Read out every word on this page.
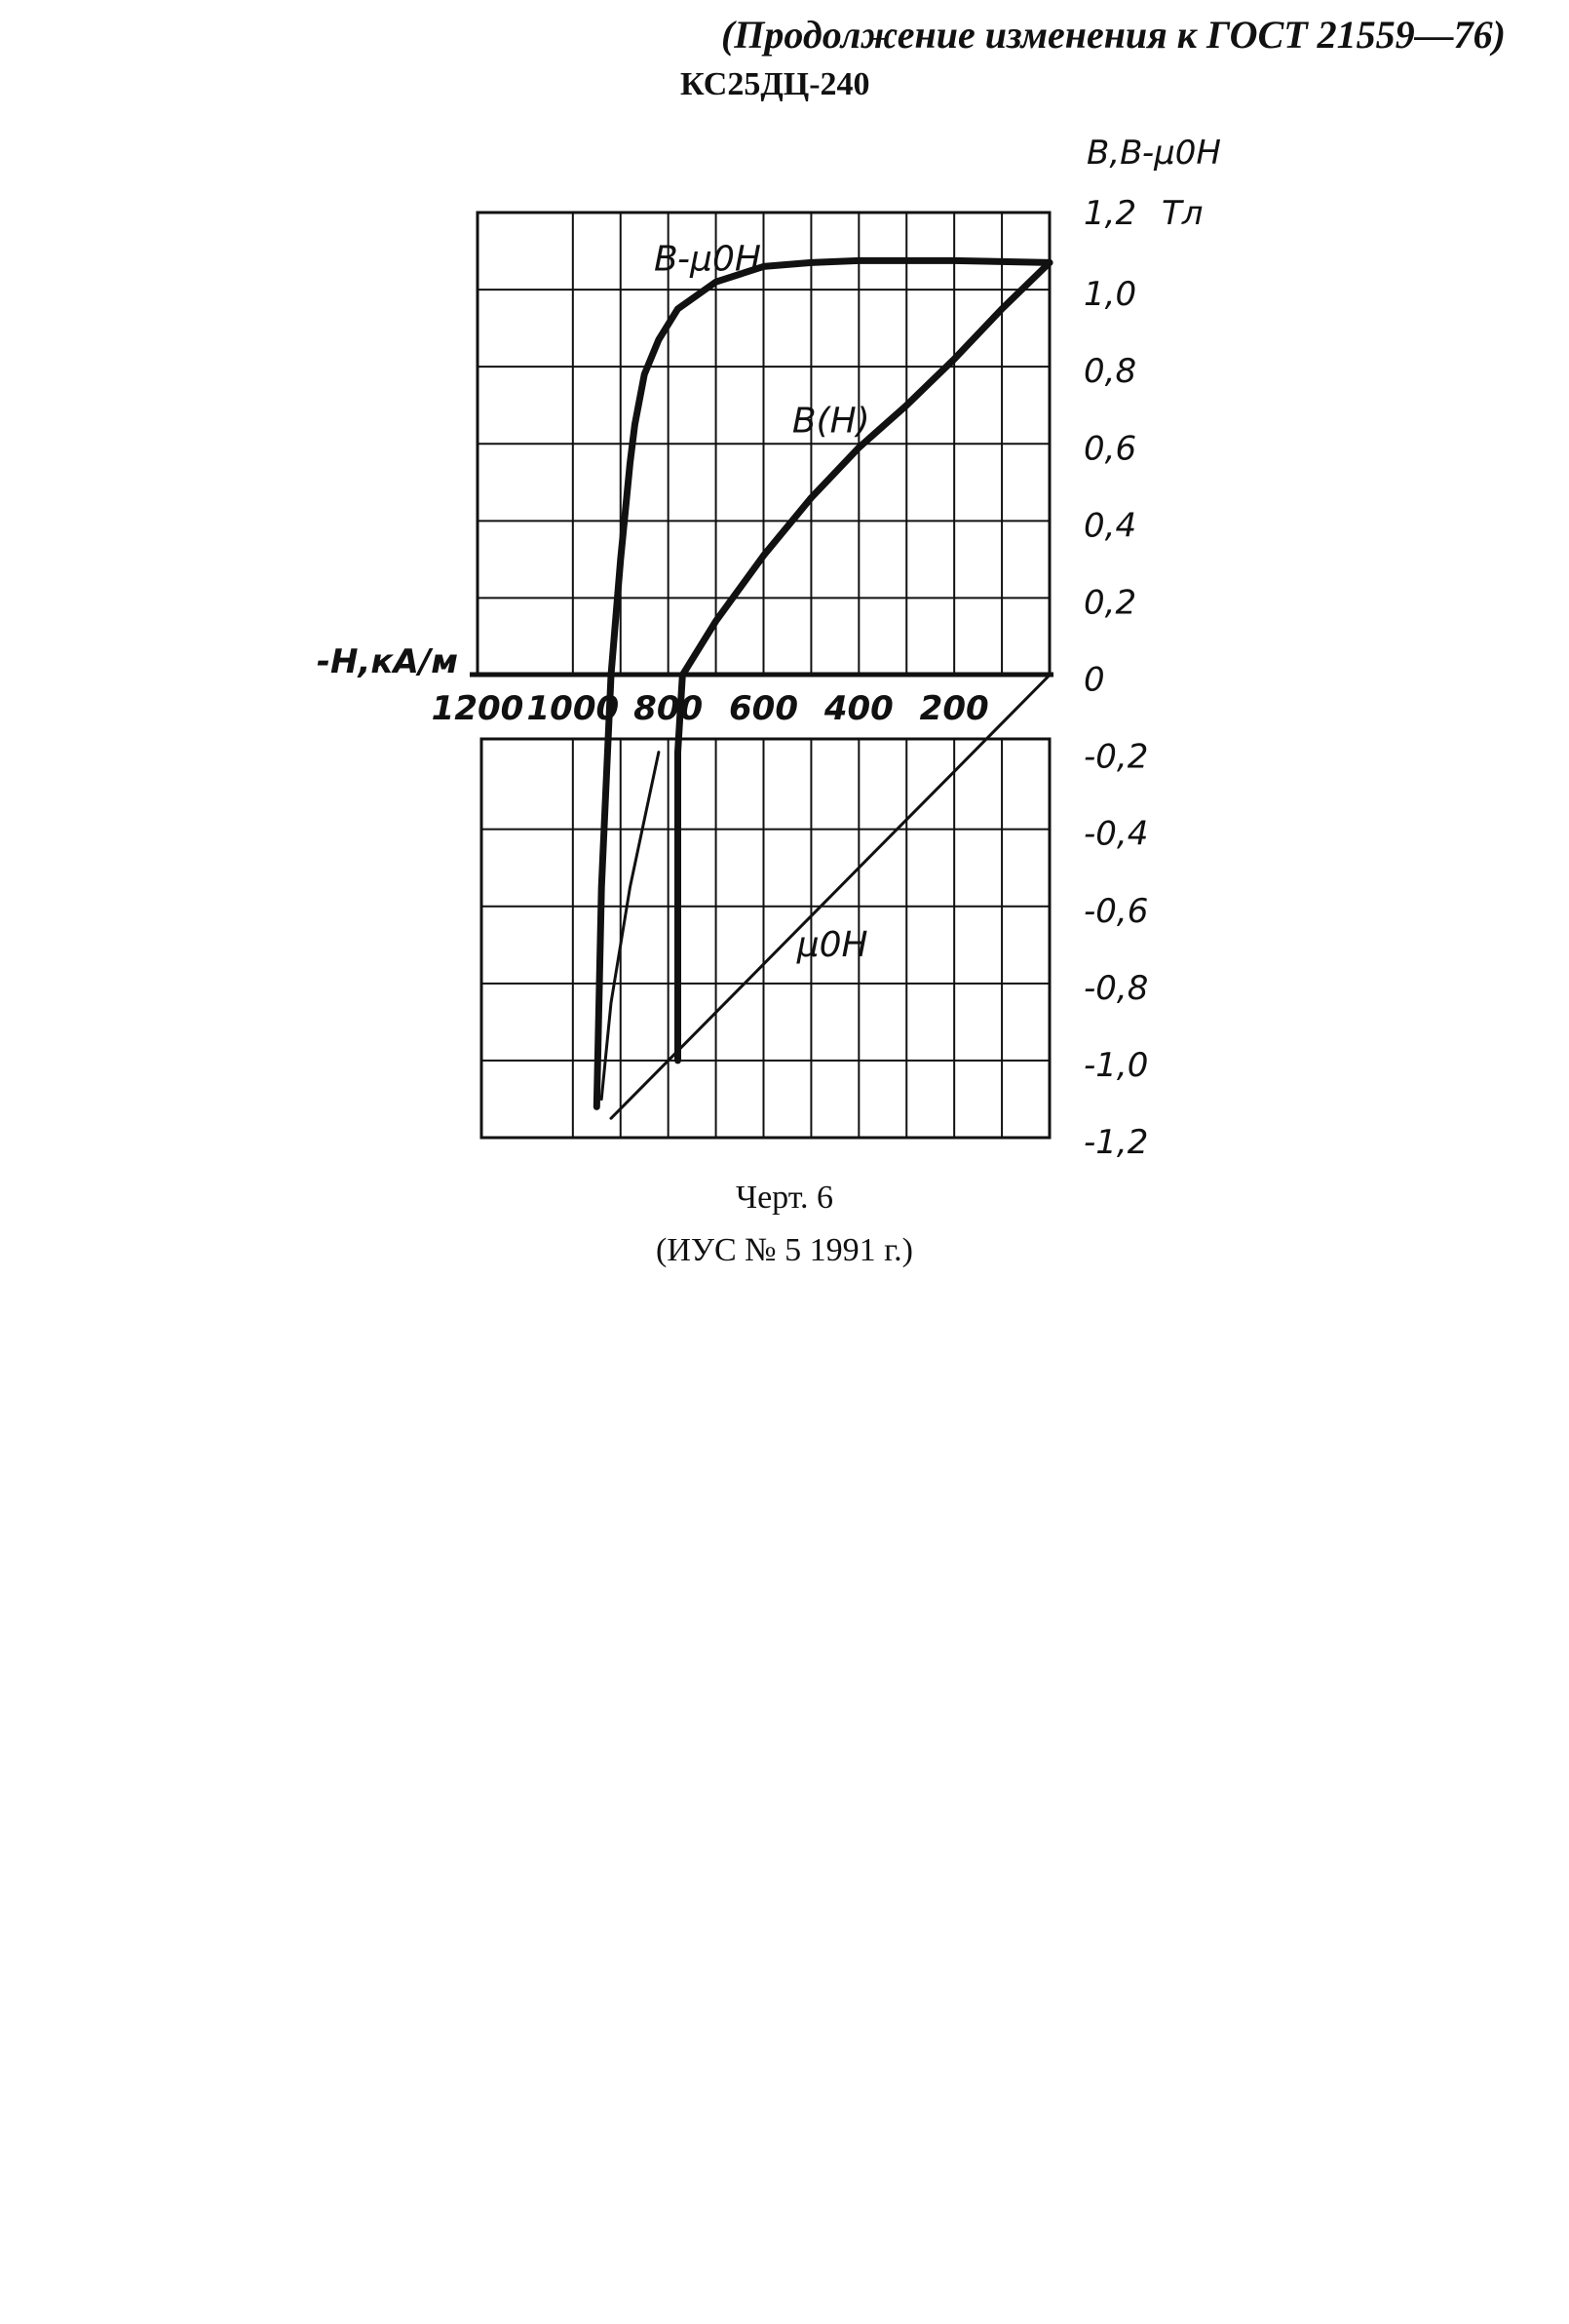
(Продолжение изменения к ГОСТ 21559—76)
КС25ДЦ-240
1200 1000 800 600 400 200
1,0
0,8
0,6
0,4
0,2
0
-0,2
-0,4
-0,6
-0,8
-1,0
-1,2
B,B-μ0H
1,2 Тл
-H,кА/м
B-μ0H
B(H)
μ0H
Черт. 6
(ИУС № 5 1991 г.)
